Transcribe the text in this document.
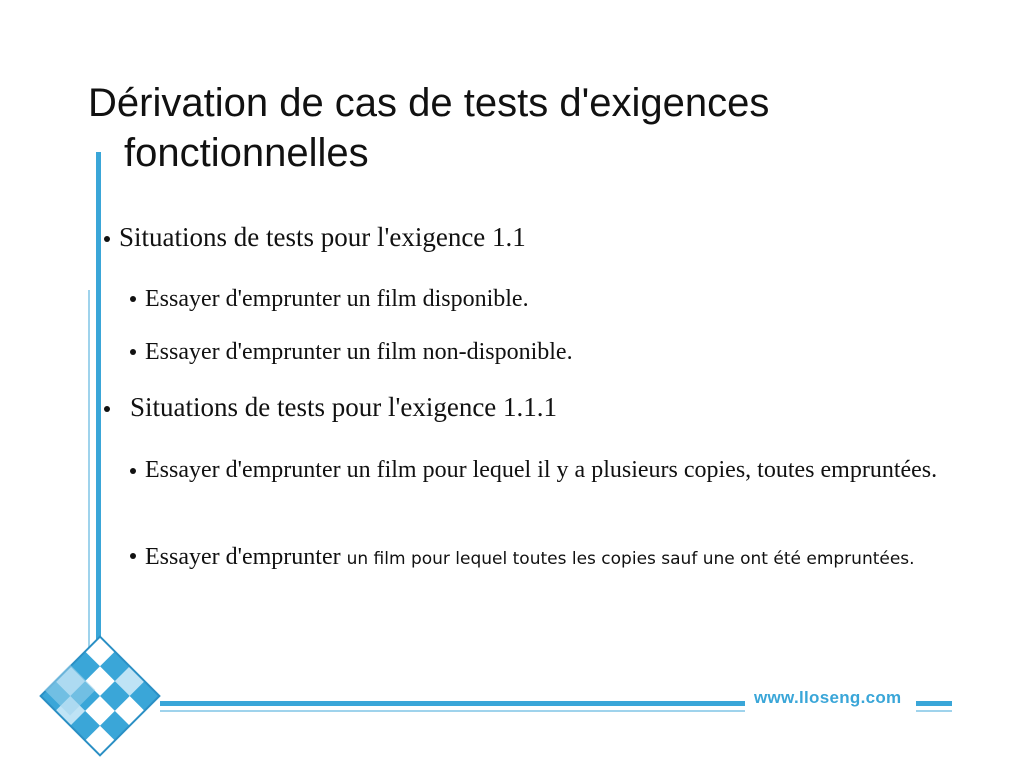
Dérivation de cas de tests d'exigences fonctionnelles
Situations de tests pour l'exigence 1.1
Essayer d'emprunter un film disponible.
Essayer d'emprunter un film non-disponible.
Situations de tests pour l'exigence 1.1.1
Essayer d'emprunter un film pour lequel il y a plusieurs copies, toutes empruntées.
Essayer d'emprunter un film pour lequel toutes les copies sauf une ont été empruntées.
www.lloseng.com
